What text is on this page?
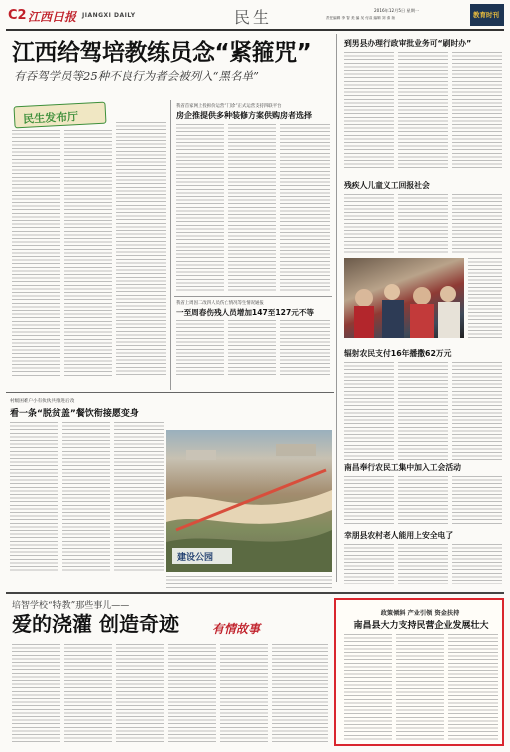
C2 江西日报 JIANGXI DAILY	民生	2016年12月5日 星期一
责任编辑 李 智 美 编 吴 付双 编辑 刘 请 扬	教育时刊
江西给驾培教练员念“紧箍咒”
有吞驾学员等25种不良行为者会被列入“黑名单”
民生发布厅
我省首家网上投拆价运营“门诊”正式运营支持四联平台
房企推提供多种装修方案供购房者选择
我省上周因二改四人员伤亡情况等生情况通报
一至周春伤残人员增加147至127元不等
到男县办理行政审批业务可“刷时办”
残疾人儿童义工回报社会
辐射农民支付16年播撒62万元
南昌奉行农民工集中加入工会活动
幸朋县农村老人能用上安全电了
村级困难户小有伙伙共推进后改
看一条“脱贫盖”餐饮衔接愿变身
建设公园
培智学校“特教”那些事儿——
爱的浇灌 创造奇迹	有情故事
政策倾斜 产业引领 资金扶持
南昌县大力支持民营企业发展壮大
